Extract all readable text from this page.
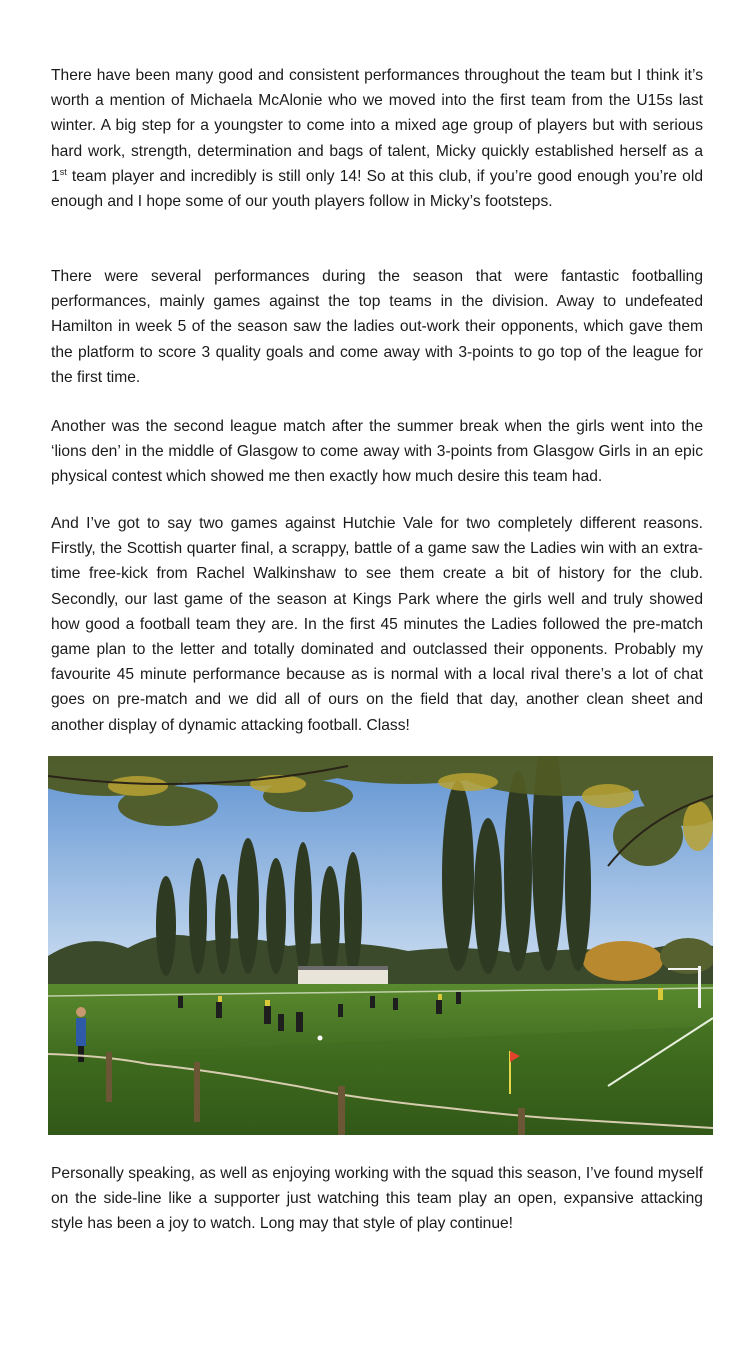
There have been many good and consistent performances throughout the team but I think it’s worth a mention of Michaela McAlonie who we moved into the first team from the U15s last winter. A big step for a youngster to come into a mixed age group of players but with serious hard work, strength, determination and bags of talent, Micky quickly established herself as a 1st team player and incredibly is still only 14! So at this club, if you’re good enough you’re old enough and I hope some of our youth players follow in Micky’s footsteps.

There were several performances during the season that were fantastic footballing performances, mainly games against the top teams in the division. Away to undefeated Hamilton in week 5 of the season saw the ladies out-work their opponents, which gave them the platform to score 3 quality goals and come away with 3-points to go top of the league for the first time.

Another was the second league match after the summer break when the girls went into the ‘lions den’ in the middle of Glasgow to come away with 3-points from Glasgow Girls in an epic physical contest which showed me then exactly how much desire this team had.

And I’ve got to say two games against Hutchie Vale for two completely different reasons. Firstly, the Scottish quarter final, a scrappy, battle of a game saw the Ladies win with an extra-time free-kick from Rachel Walkinshaw to see them create a bit of history for the club. Secondly, our last game of the season at Kings Park where the girls well and truly showed how good a football team they are. In the first 45 minutes the Ladies followed the pre-match game plan to the letter and totally dominated and outclassed their opponents. Probably my favourite 45 minute performance because as is normal with a local rival there’s a lot of chat goes on pre-match and we did all of ours on the field that day, another clean sheet and another display of dynamic attacking football. Class!

Personally speaking, as well as enjoying working with the squad this season, I’ve found myself on the side-line like a supporter just watching this team play an open, expansive attacking style has been a joy to watch. Long may that style of play continue!
